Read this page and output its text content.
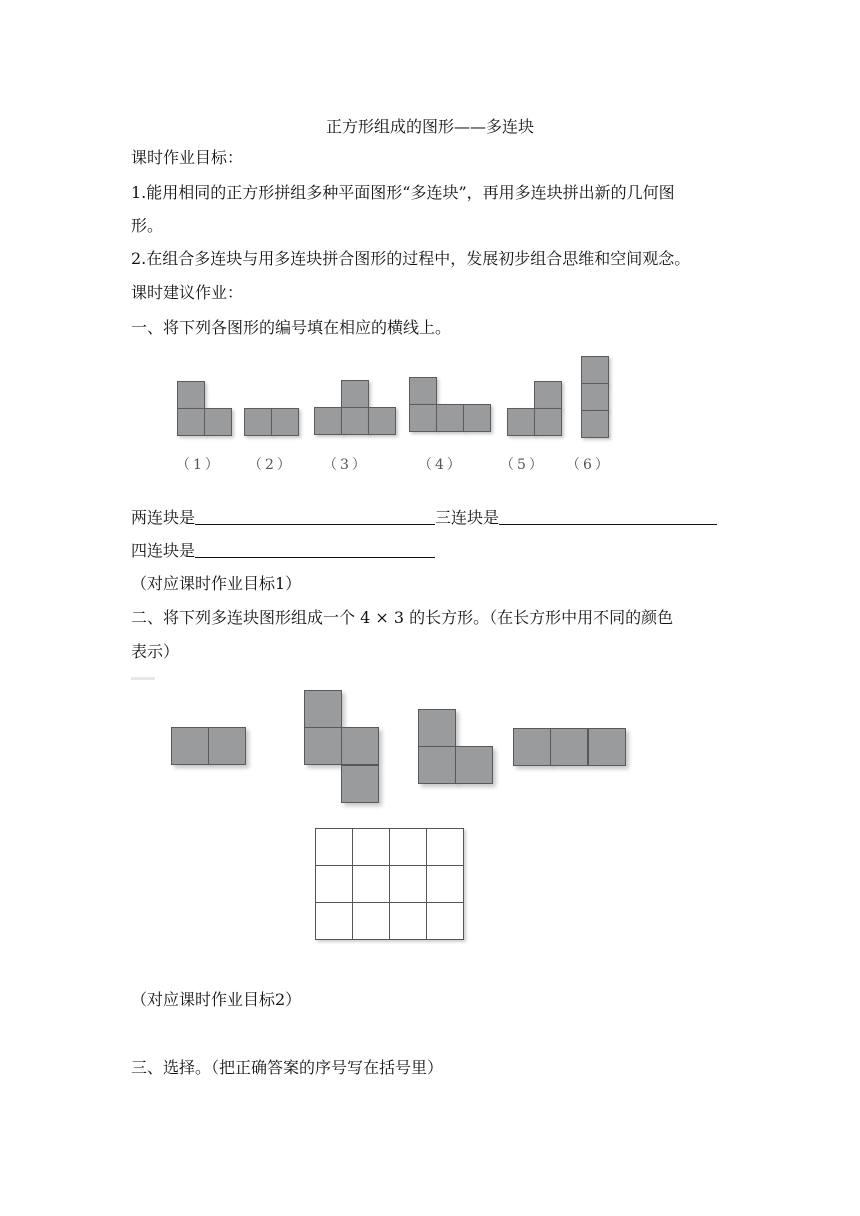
正方形组成的图形——多连块
课时作业目标：
1.能用相同的正方形拼组多种平面图形“多连块”，再用多连块拼出新的几何图
形。
2.在组合多连块与用多连块拼合图形的过程中，发展初步组合思维和空间观念。
课时建议作业：
一、将下列各图形的编号填在相应的横线上。
（1） （2） （3）	（4）	（5） （6）
两连块是	三连块是
四连块是
（对应课时作业目标1）
二、将下列多连块图形组成一个 4 × 3 的长方形。（在长方形中用不同的颜色
表示）

（对应课时作业目标2）
三、选择。（把正确答案的序号写在括号里）
